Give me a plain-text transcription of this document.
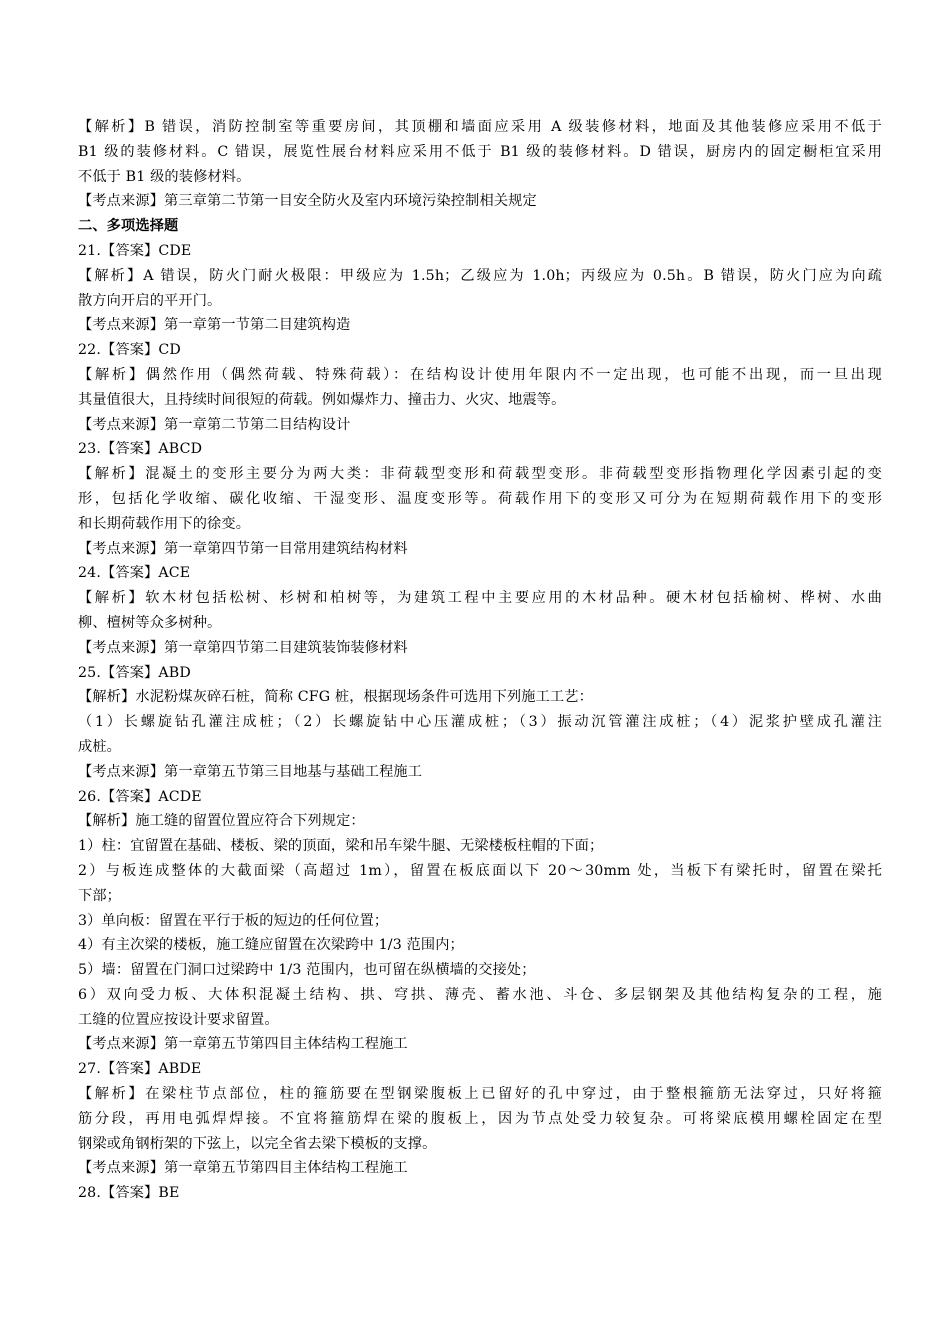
【解析】B 错误，消防控制室等重要房间，其顶棚和墙面应采用 A 级装修材料，地面及其他装修应采用不低于
B1 级的装修材料。C 错误，展览性展台材料应采用不低于 B1 级的装修材料。D 错误，厨房内的固定橱柜宜采用
不低于 B1 级的装修材料。
【考点来源】第三章第二节第一目安全防火及室内环境污染控制相关规定
二、多项选择题
21.【答案】CDE
【解析】A 错误，防火门耐火极限：甲级应为 1.5h；乙级应为 1.0h；丙级应为 0.5h。B 错误，防火门应为向疏
散方向开启的平开门。
【考点来源】第一章第一节第二目建筑构造
22.【答案】CD
【解析】偶然作用（偶然荷载、特殊荷载）：在结构设计使用年限内不一定出现，也可能不出现，而一旦出现
其量值很大，且持续时间很短的荷载。例如爆炸力、撞击力、火灾、地震等。
【考点来源】第一章第二节第二目结构设计
23.【答案】ABCD
【解析】混凝土的变形主要分为两大类：非荷载型变形和荷载型变形。非荷载型变形指物理化学因素引起的变
形，包括化学收缩、碳化收缩、干湿变形、温度变形等。荷载作用下的变形又可分为在短期荷载作用下的变形
和长期荷载作用下的徐变。
【考点来源】第一章第四节第一目常用建筑结构材料
24.【答案】ACE
【解析】软木材包括松树、杉树和柏树等，为建筑工程中主要应用的木材品种。硬木材包括榆树、桦树、水曲
柳、檀树等众多树种。
【考点来源】第一章第四节第二目建筑装饰装修材料
25.【答案】ABD
【解析】水泥粉煤灰碎石桩，简称 CFG 桩，根据现场条件可选用下列施工工艺：
（1）长螺旋钻孔灌注成桩；（2）长螺旋钻中心压灌成桩；（3）振动沉管灌注成桩；（4）泥浆护壁成孔灌注
成桩。
【考点来源】第一章第五节第三目地基与基础工程施工
26.【答案】ACDE
【解析】施工缝的留置位置应符合下列规定：
1）柱：宜留置在基础、楼板、梁的顶面，梁和吊车梁牛腿、无梁楼板柱帽的下面；
2）与板连成整体的大截面梁（高超过 1m），留置在板底面以下 20～30mm 处，当板下有梁托时，留置在梁托
下部；
3）单向板：留置在平行于板的短边的任何位置；
4）有主次梁的楼板，施工缝应留置在次梁跨中 1/3 范围内；
5）墙：留置在门洞口过梁跨中 1/3 范围内，也可留在纵横墙的交接处；
6）双向受力板、大体积混凝土结构、拱、穹拱、薄壳、蓄水池、斗仓、多层钢架及其他结构复杂的工程，施
工缝的位置应按设计要求留置。
【考点来源】第一章第五节第四目主体结构工程施工
27.【答案】ABDE
【解析】在梁柱节点部位，柱的箍筋要在型钢梁腹板上已留好的孔中穿过，由于整根箍筋无法穿过，只好将箍
筋分段，再用电弧焊焊接。不宜将箍筋焊在梁的腹板上，因为节点处受力较复杂。可将梁底模用螺栓固定在型
钢梁或角钢桁架的下弦上，以完全省去梁下模板的支撑。
【考点来源】第一章第五节第四目主体结构工程施工
28.【答案】BE
